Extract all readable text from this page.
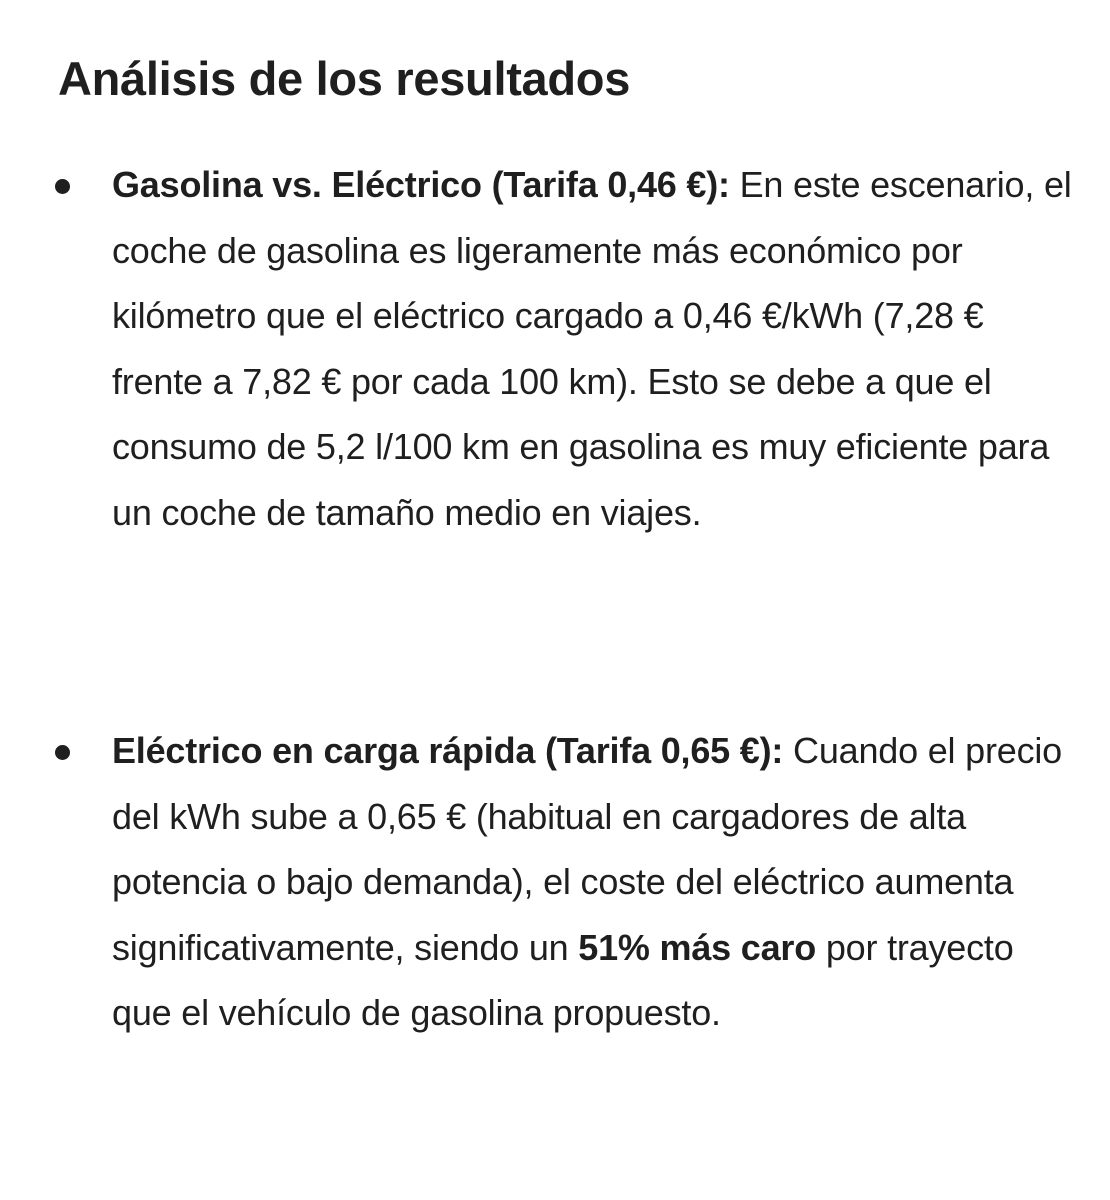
Análisis de los resultados
Gasolina vs. Eléctrico (Tarifa 0,46 €): En este escenario, el coche de gasolina es ligeramente más económico por kilómetro que el eléctrico cargado a 0,46 €/kWh (7,28 € frente a 7,82 € por cada 100 km). Esto se debe a que el consumo de 5,2 l/100 km en gasolina es muy eficiente para un coche de tamaño medio en viajes.
Eléctrico en carga rápida (Tarifa 0,65 €): Cuando el precio del kWh sube a 0,65 € (habitual en cargadores de alta potencia o bajo demanda), el coste del eléctrico aumenta significativamente, siendo un 51% más caro por trayecto que el vehículo de gasolina propuesto.
